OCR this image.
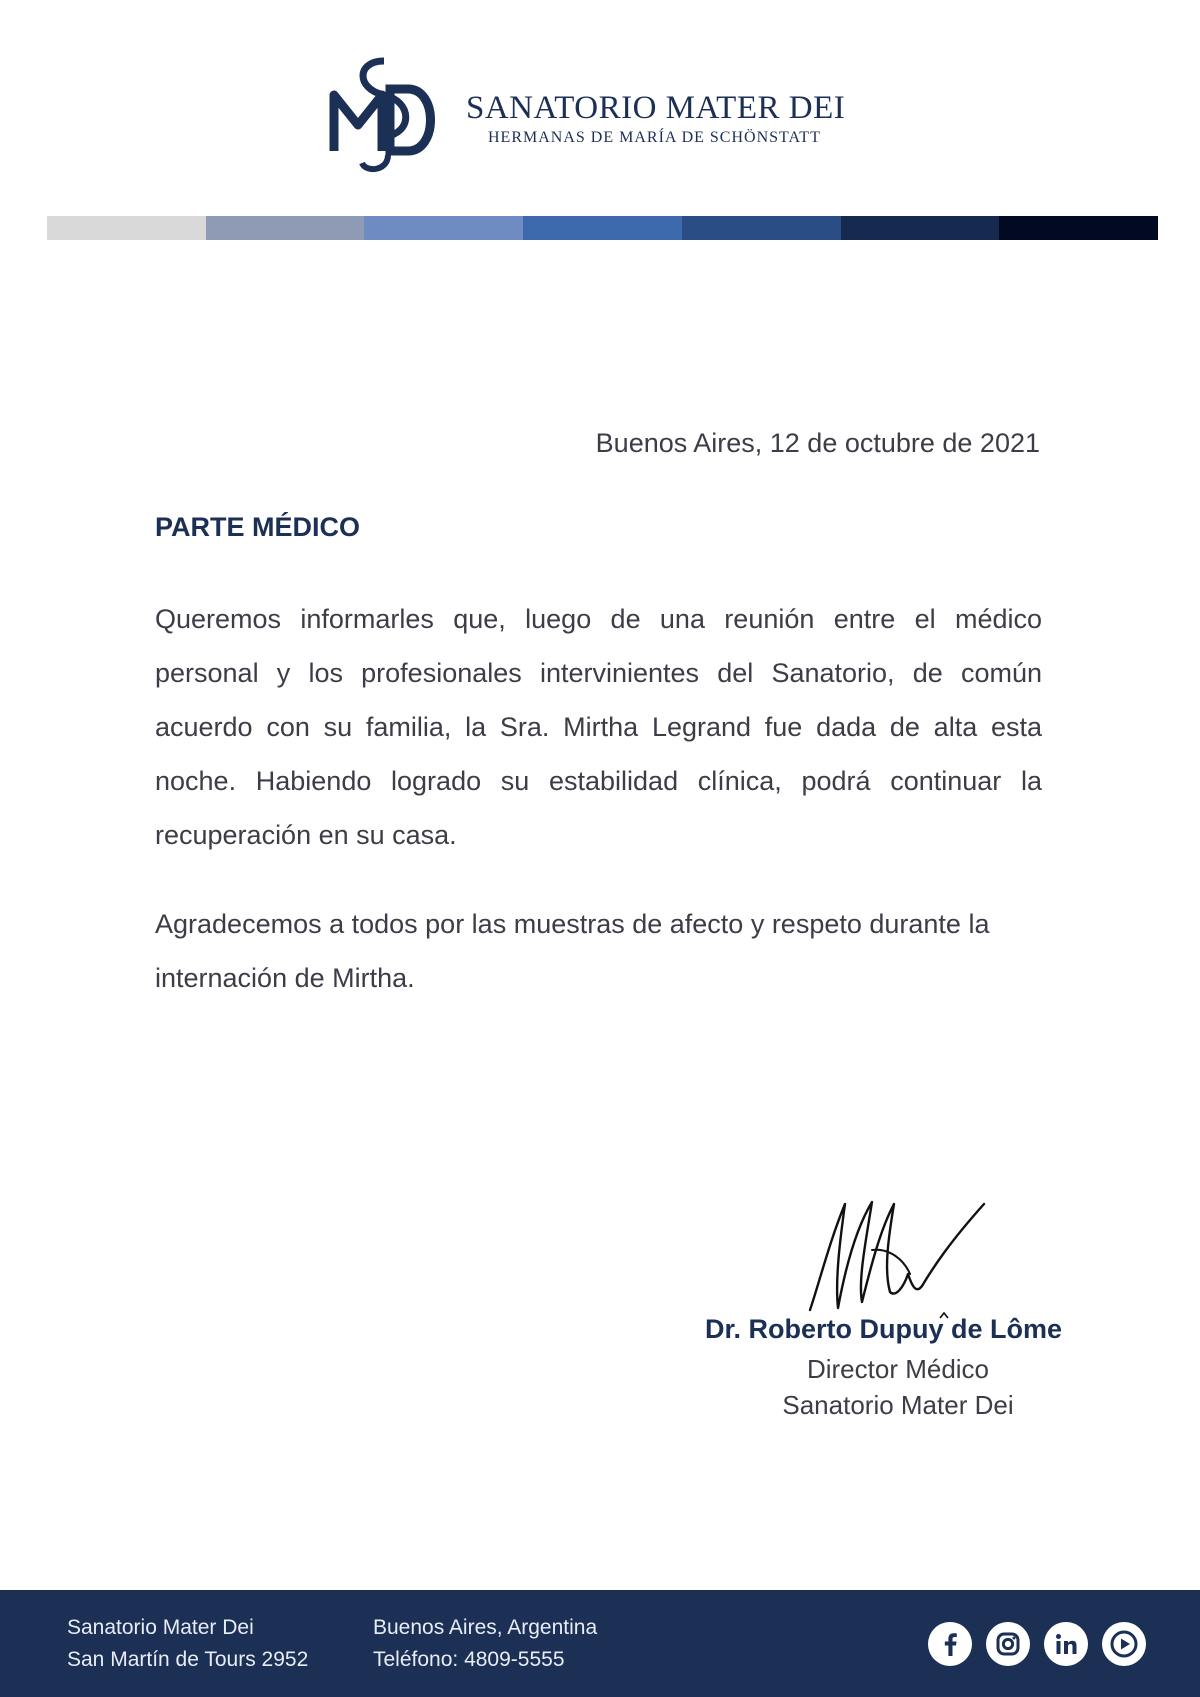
SANATORIO MATER DEI
HERMANAS DE MARÍA DE SCHÖNSTATT
Buenos Aires, 12 de octubre de 2021
PARTE MÉDICO

Queremos informarles que, luego de una reunión entre el médico personal y los profesionales intervinientes del Sanatorio, de común acuerdo con su familia, la Sra. Mirtha Legrand fue dada de alta esta noche. Habiendo logrado su estabilidad clínica, podrá continuar la recuperación en su casa.

Agradecemos a todos por las muestras de afecto y respeto durante la internación de Mirtha.

Dr. Roberto Dupuy de Lôme
Director Médico
Sanatorio Mater Dei
Sanatorio Mater Dei
San Martín de Tours 2952
Buenos Aires, Argentina
Teléfono: 4809-5555
